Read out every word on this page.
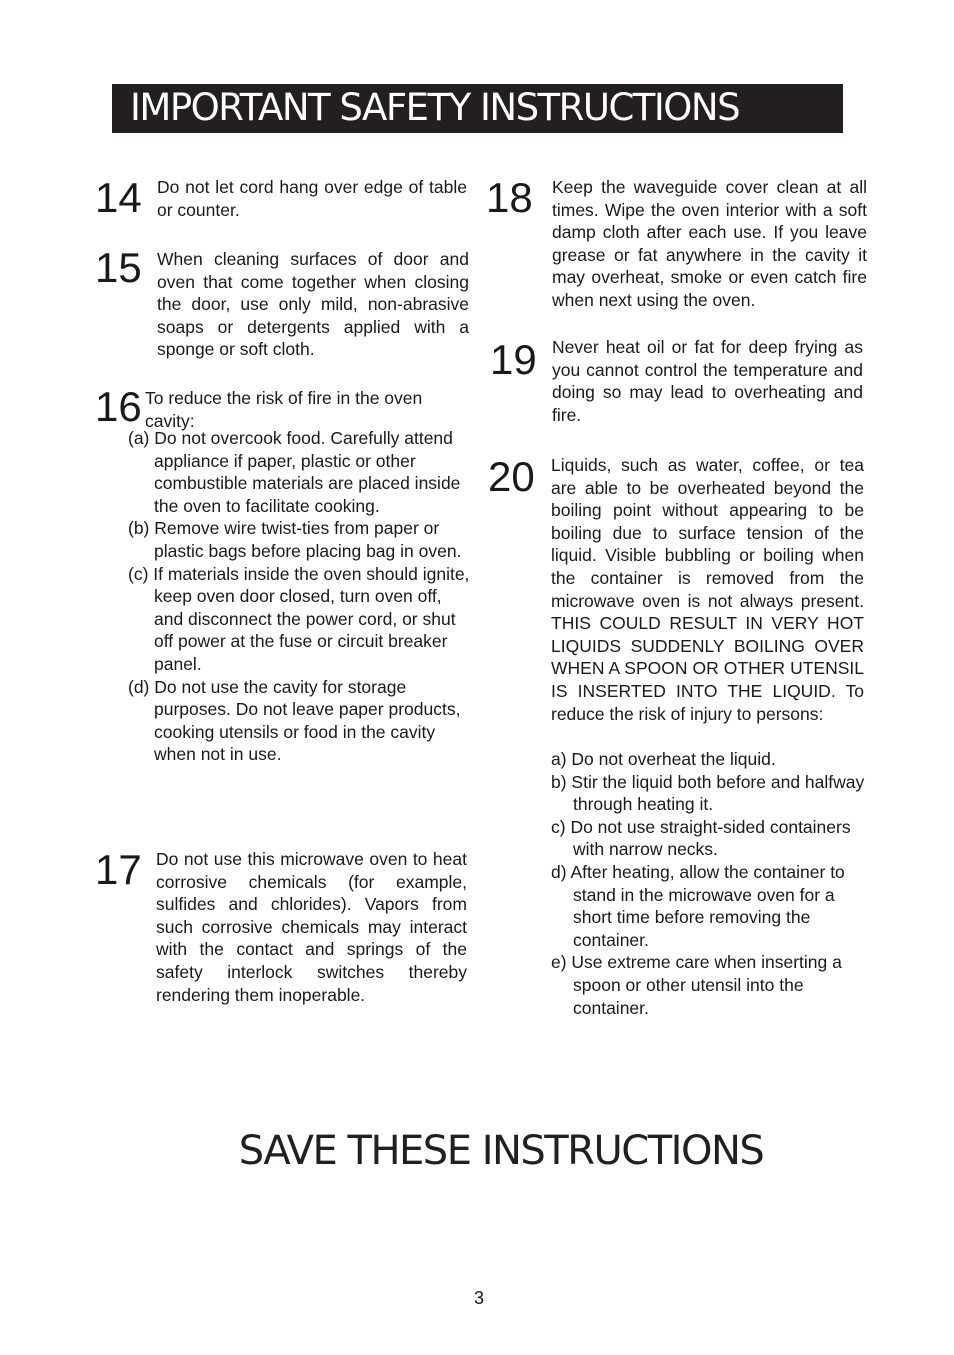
IMPORTANT SAFETY INSTRUCTIONS
14 Do not let cord hang over edge of table or counter.
15 When cleaning surfaces of door and oven that come together when closing the door, use only mild, non-abrasive soaps or detergents applied with a sponge or soft cloth.
16 To reduce the risk of fire in the oven cavity:

(a) Do not overcook food. Carefully attend appliance if paper, plastic or other combustible materials are placed inside the oven to facilitate cooking.

(b) Remove wire twist-ties from paper or plastic bags before placing bag in oven.

(c) If materials inside the oven should ignite, keep oven door closed, turn oven off, and disconnect the power cord, or shut off power at the fuse or circuit breaker panel.

(d) Do not use the cavity for storage purposes. Do not leave paper products, cooking utensils or food in the cavity when not in use.

17 Do not use this microwave oven to heat corrosive chemicals (for example, sulfides and chlorides). Vapors from such corrosive chemicals may interact with the contact and springs of the safety interlock switches thereby rendering them inoperable.
18 Keep the waveguide cover clean at all times. Wipe the oven interior with a soft damp cloth after each use. If you leave grease or fat anywhere in the cavity it may overheat, smoke or even catch fire when next using the oven.
19 Never heat oil or fat for deep frying as you cannot control the temperature and doing so may lead to overheating and fire.
20 Liquids, such as water, coffee, or tea are able to be overheated beyond the boiling point without appearing to be boiling due to surface tension of the liquid. Visible bubbling or boiling when the container is removed from the microwave oven is not always present. THIS COULD RESULT IN VERY HOT LIQUIDS SUDDENLY BOILING OVER WHEN A SPOON OR OTHER UTENSIL IS INSERTED INTO THE LIQUID. To reduce the risk of injury to persons:

a) Do not overheat the liquid.

b) Stir the liquid both before and halfway through heating it.

c) Do not use straight-sided containers with narrow necks.

d) After heating, allow the container to stand in the microwave oven for a short time before removing the container.

e) Use extreme care when inserting a spoon or other utensil into the container.

SAVE THESE INSTRUCTIONS
3
